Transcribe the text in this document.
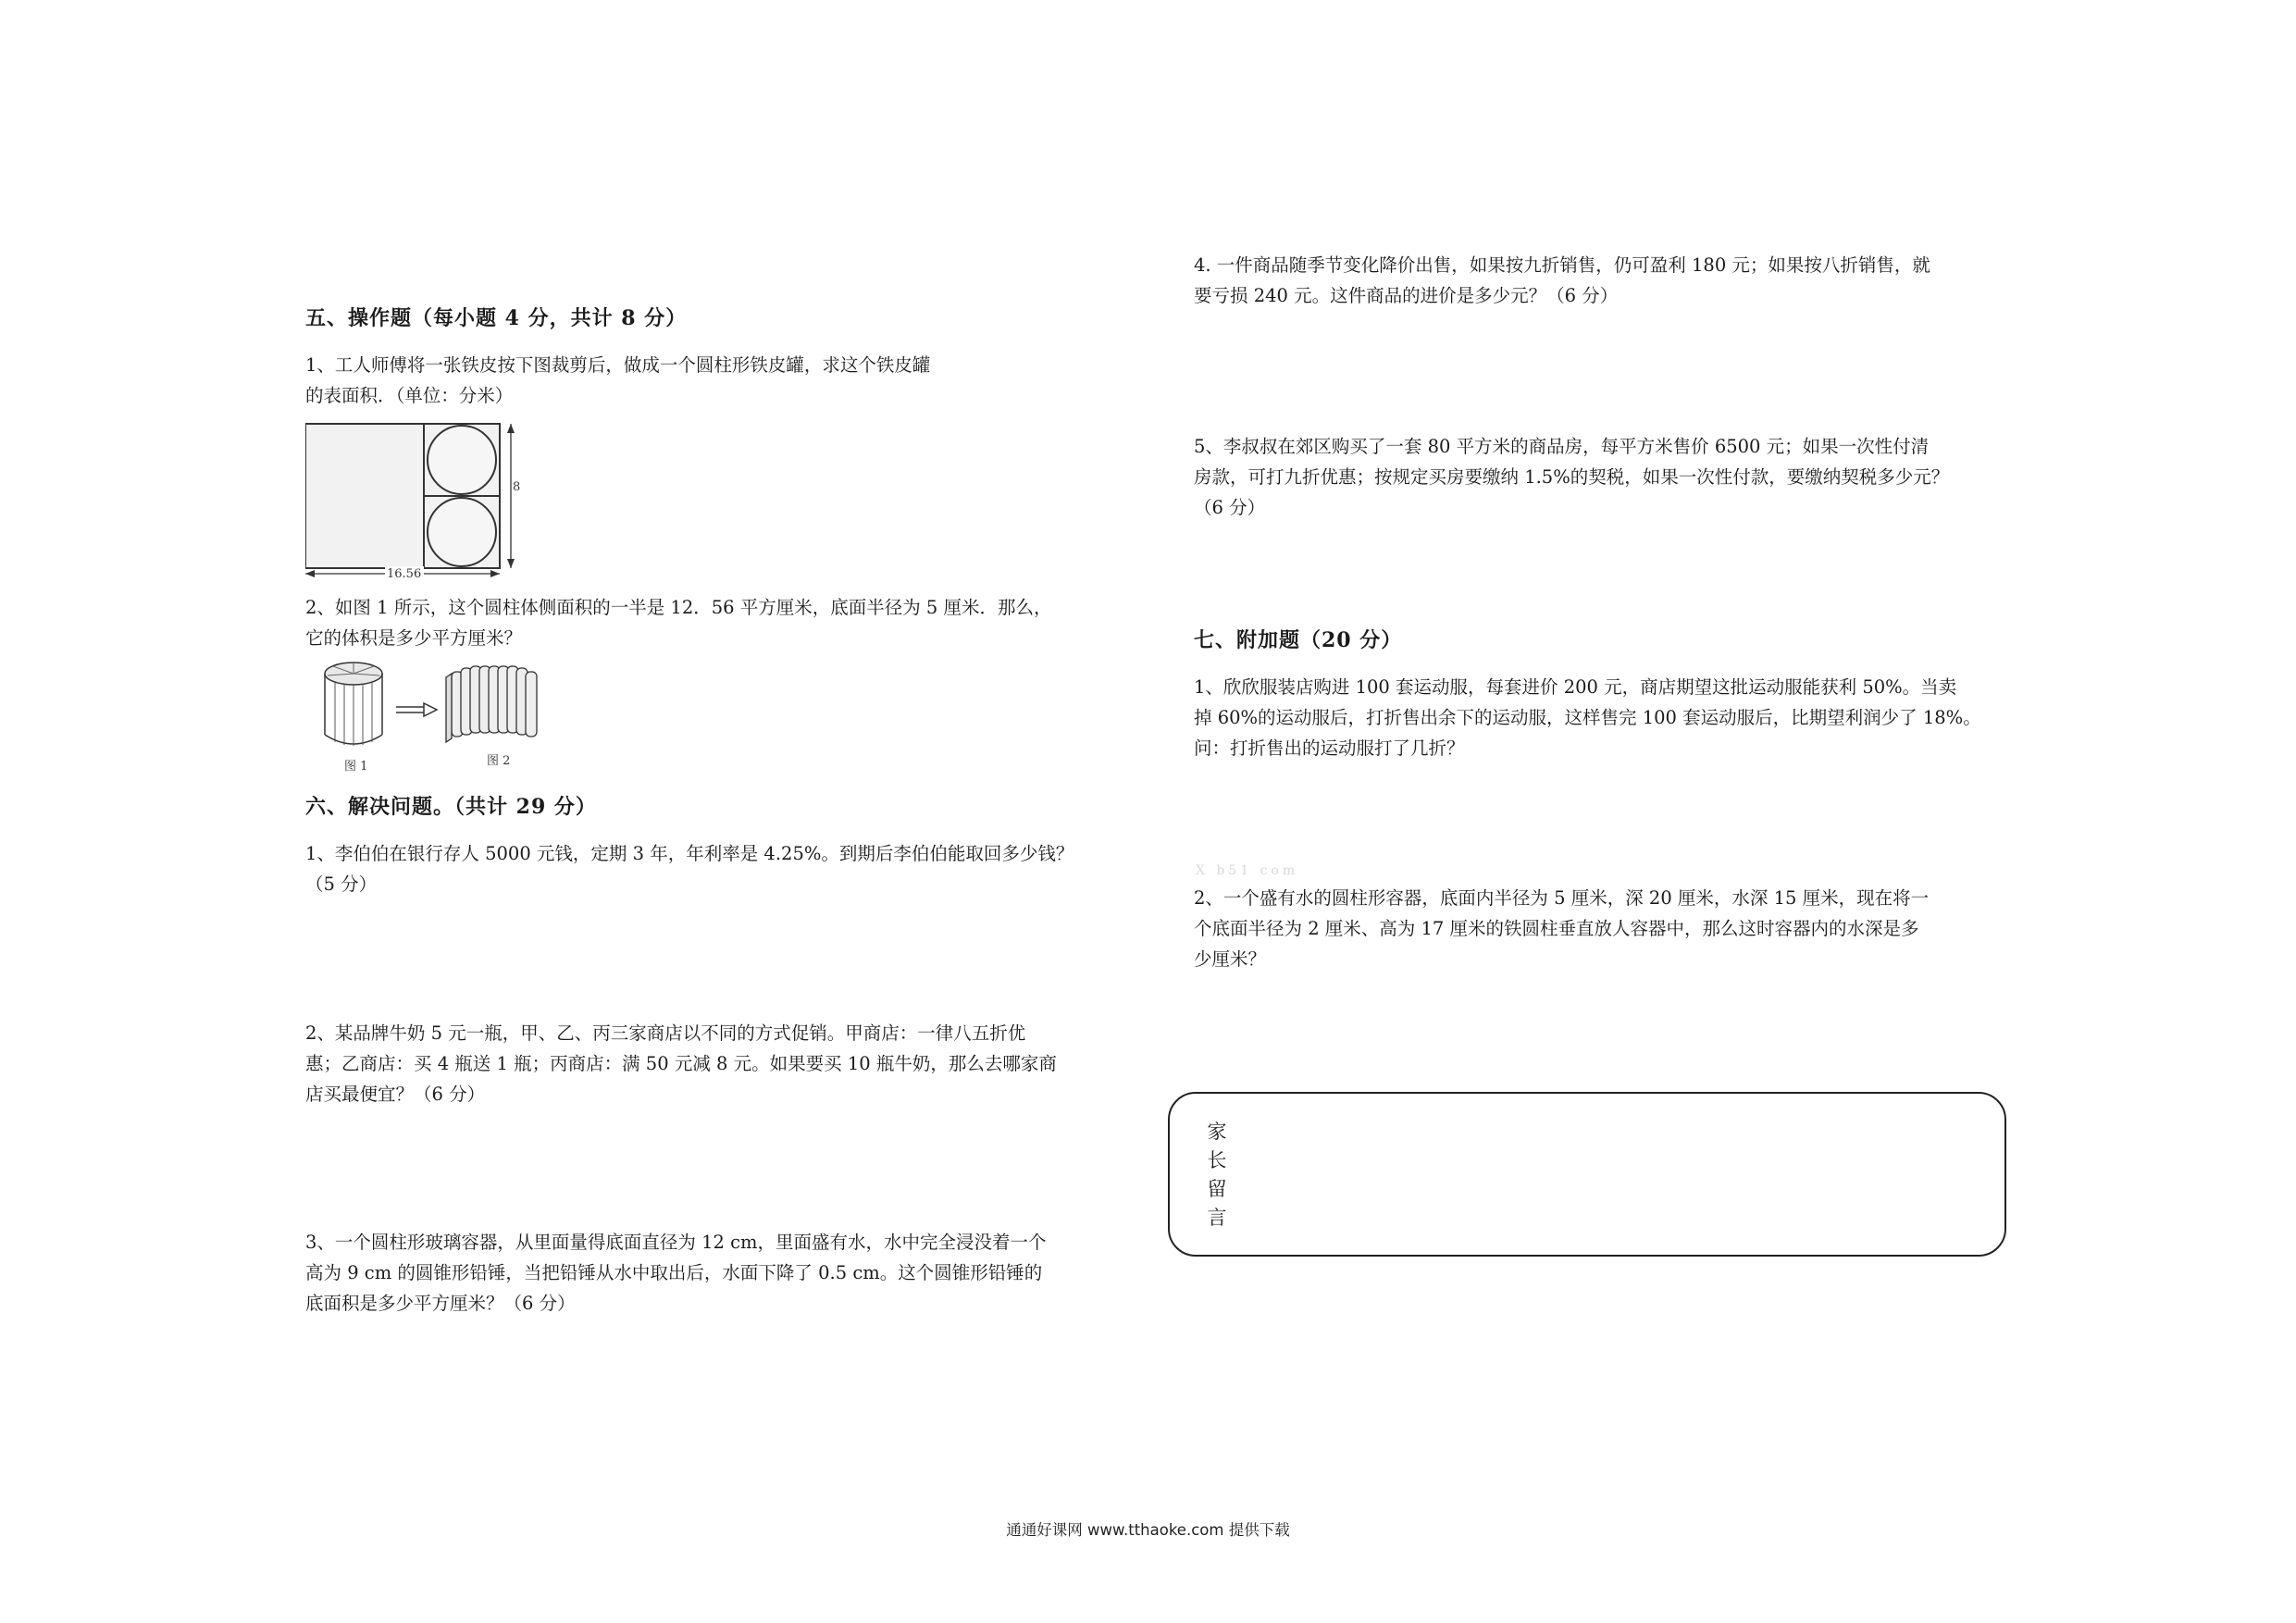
五、操作题（每小题 4 分，共计 8 分）

1、工人师傅将一张铁皮按下图裁剪后，做成一个圆柱形铁皮罐，求这个铁皮罐

的表面积．（单位：分米）

8
16.56

2、如图 1 所示，这个圆柱体侧面积的一半是 12．56 平方厘米，底面半径为 5 厘米．那么，

它的体积是多少平方厘米？

图 1	图 2
六、解决问题。（共计 29 分）

1、李伯伯在银行存人 5000 元钱，定期 3 年，年利率是 4.25%。到期后李伯伯能取回多少钱？

（5 分）

2、某品牌牛奶 5 元一瓶，甲、乙、丙三家商店以不同的方式促销。甲商店：一律八五折优

惠；乙商店：买 4 瓶送 1 瓶；丙商店：满 50 元减 8 元。如果要买 10 瓶牛奶，那么去哪家商

店买最便宜？（6 分）

3、一个圆柱形玻璃容器，从里面量得底面直径为 12 cm，里面盛有水，水中完全浸没着一个

高为 9 cm 的圆锥形铅锤，当把铅锤从水中取出后，水面下降了 0.5 cm。这个圆锥形铅锤的

底面积是多少平方厘米？（6 分）

4. 一件商品随季节变化降价出售，如果按九折销售，仍可盈利 180 元；如果按八折销售，就

要亏损 240 元。这件商品的进价是多少元？（6 分）

5、李叔叔在郊区购买了一套 80 平方米的商品房，每平方米售价 6500 元；如果一次性付清

房款，可打九折优惠；按规定买房要缴纳 1.5%的契税，如果一次性付款，要缴纳契税多少元？

（6 分）

七、附加题（20 分）

1、欣欣服装店购进 100 套运动服，每套进价 200 元，商店期望这批运动服能获利 50%。当卖

掉 60%的运动服后，打折售出余下的运动服，这样售完 100 套运动服后，比期望利润少了 18%。

问：打折售出的运动服打了几折？

2、一个盛有水的圆柱形容器，底面内半径为 5 厘米，深 20 厘米，水深 15 厘米，现在将一

个底面半径为 2 厘米、高为 17 厘米的铁圆柱垂直放人容器中，那么这时容器内的水深是多

少厘米？

X b51 com
家
长
留
言
通通好课网 www.tthaoke.com 提供下载
